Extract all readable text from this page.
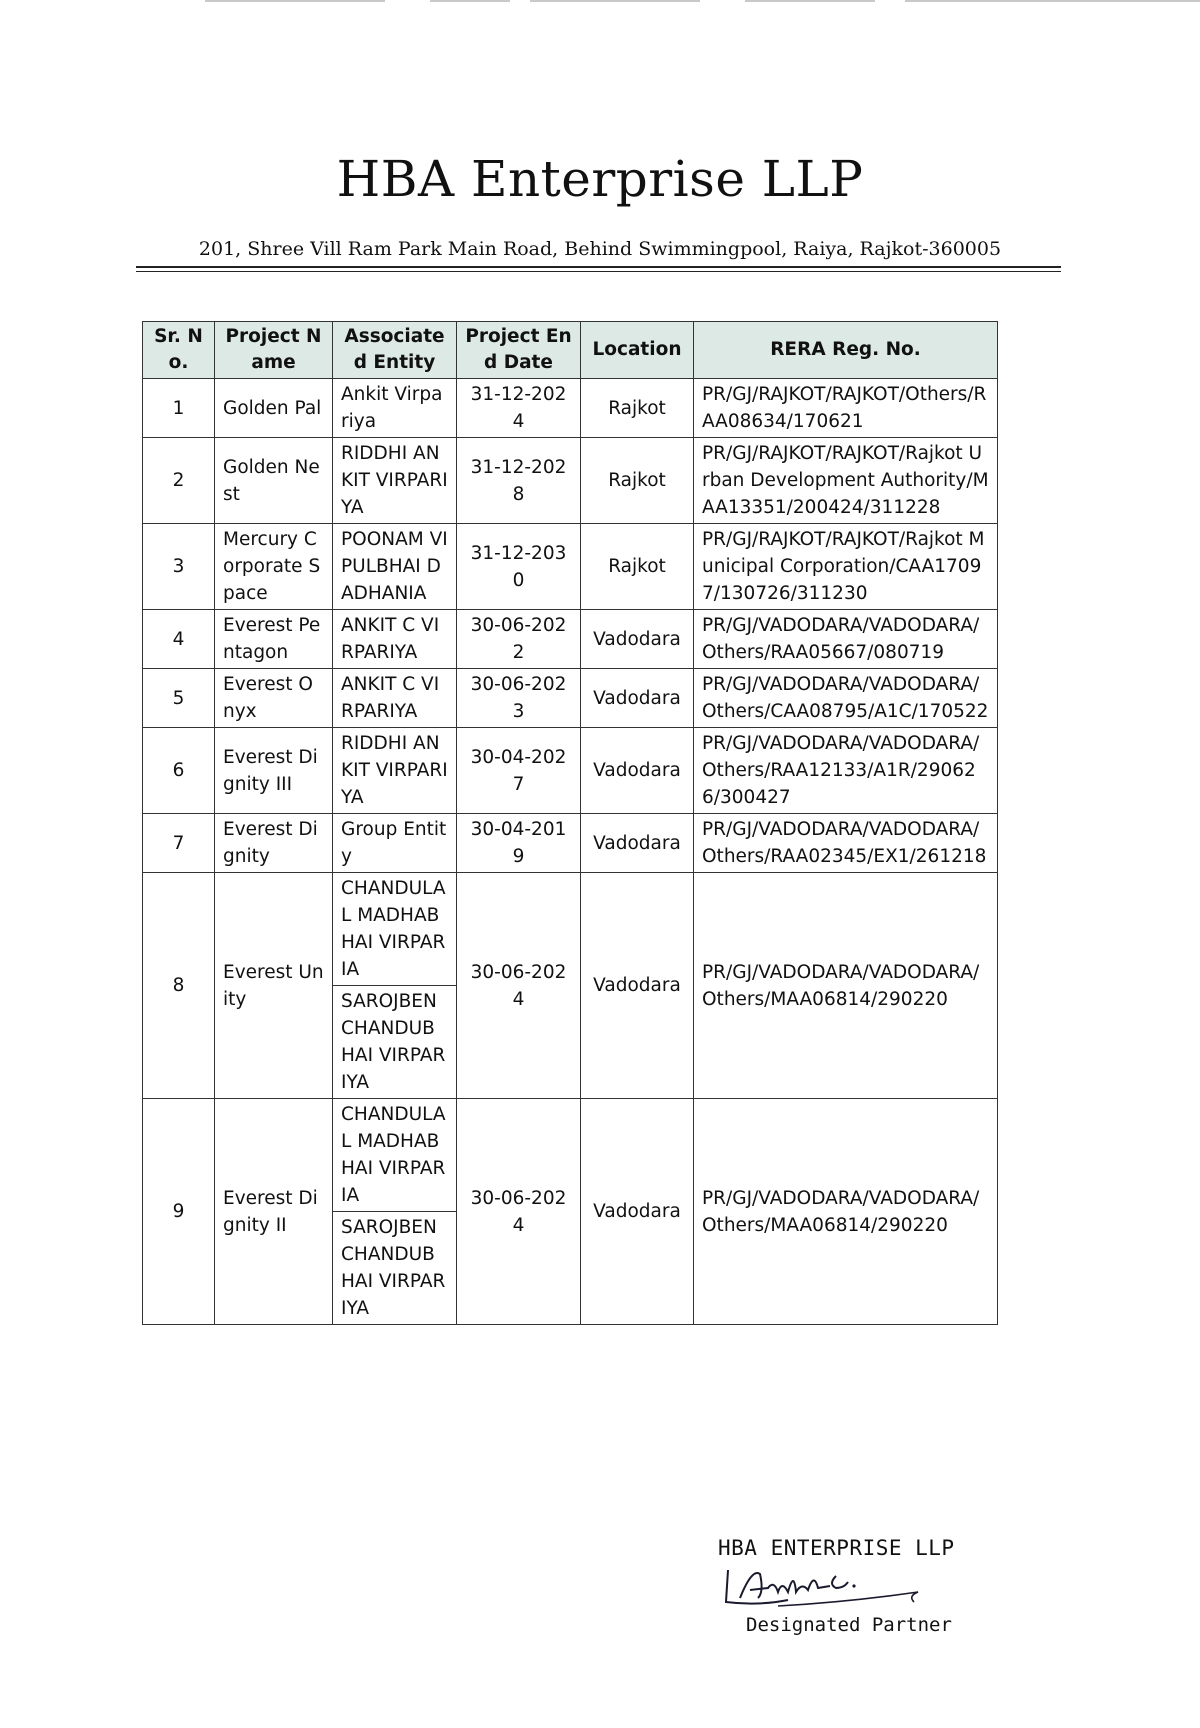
HBA Enterprise LLP
201, Shree Vill Ram Park Main Road, Behind Swimmingpool, Raiya, Rajkot-360005
Sr. No.	Project Name	Associated Entity	Project End Date	Location	RERA Reg. No.
1	Golden Pal	Ankit Virpariya	31-12-2024	Rajkot	PR/GJ/RAJKOT/RAJKOT/Others/RAA08634/170621
2	Golden Nest	RIDDHI ANKIT VIRPARIYA	31-12-2028	Rajkot	PR/GJ/RAJKOT/RAJKOT/Rajkot Urban Development Authority/MAA13351/200424/311228
3	Mercury Corporate Space	POONAM VIPULBHAI DADHANIA	31-12-2030	Rajkot	PR/GJ/RAJKOT/RAJKOT/Rajkot Municipal Corporation/CAA17097/130726/311230
4	Everest Pentagon	ANKIT C VIRPARIYA	30-06-2022	Vadodara	PR/GJ/VADODARA/VADODARA/Others/RAA05667/080719
5	Everest Onyx	ANKIT C VIRPARIYA	30-06-2023	Vadodara	PR/GJ/VADODARA/VADODARA/Others/CAA08795/A1C/170522
6	Everest Dignity III	RIDDHI ANKIT VIRPARIYA	30-04-2027	Vadodara	PR/GJ/VADODARA/VADODARA/Others/RAA12133/A1R/290626/300427
7	Everest Dignity	Group Entity	30-04-2019	Vadodara	PR/GJ/VADODARA/VADODARA/Others/RAA02345/EX1/261218
8	Everest Unity	CHANDULAL MADHABHAI VIRPARIA	30-06-2024	Vadodara	PR/GJ/VADODARA/VADODARA/Others/MAA06814/290220
		SAROJBEN CHANDUBHAI VIRPARIYA			
9	Everest Dignity II	CHANDULAL MADHABHAI VIRPARIA	30-06-2024	Vadodara	PR/GJ/VADODARA/VADODARA/Others/MAA06814/290220
		SAROJBEN CHANDUBHAI VIRPARIYA			
HBA ENTERPRISE LLP
Designated Partner
